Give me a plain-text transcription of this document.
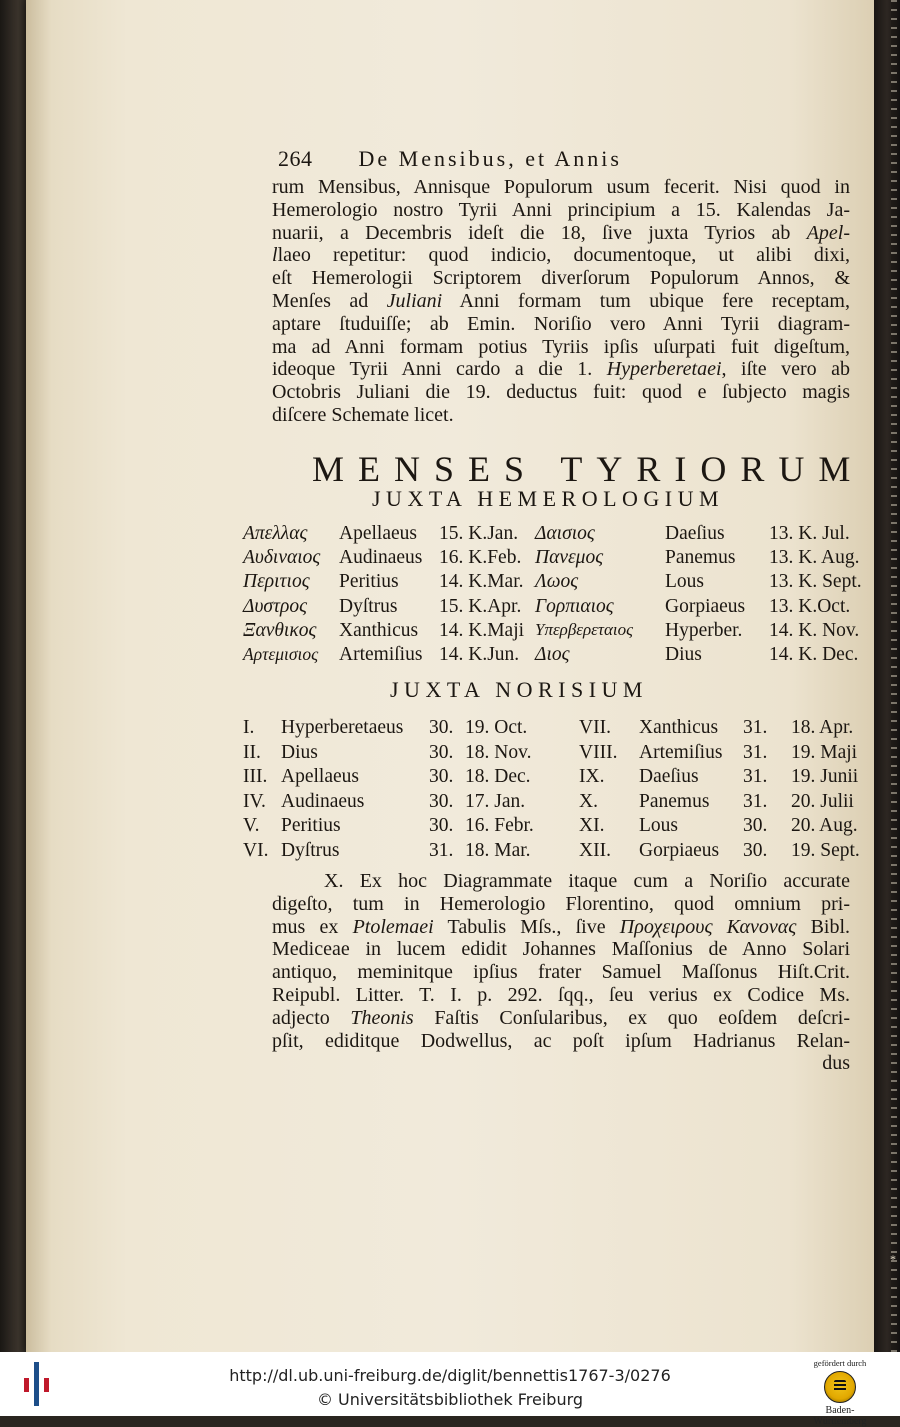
264 De Mensibus, et Annis
rum Mensibus, Annisque Populorum usum fecerit. Nisi quod in
Hemerologio nostro Tyrii Anni principium a 15. Kalendas Ja-
nuarii, a Decembris ideſt die 18, ſive juxta Tyrios ab Apel-
llaeo repetitur: quod indicio, documentoque, ut alibi dixi,
eſt Hemerologii Scriptorem diverſorum Populorum Annos, &
Menſes ad Juliani Anni formam tum ubique fere receptam,
aptare ſtuduiſſe; ab Emin. Noriſio vero Anni Tyrii diagram-
ma ad Anni formam potius Tyriis ipſis uſurpati fuit digeſtum,
ideoque Tyrii Anni cardo a die 1. Hyperberetaei, iſte vero ab
Octobris Juliani die 19. deductus fuit: quod e ſubjecto magis
diſcere Schemate licet.
MENSES TYRIORUM
JUXTA HEMEROLOGIUM
Απελλας Apellaeus 15. K.Jan. Δαισιος	Daeſius 13. K. Jul.
Αυδιναιος Audinaeus 16. K.Feb. Πανεμος	Panemus 13. K. Aug.
Περιτιος Peritius 14. K.Mar. Λωος	Lous	13. K. Sept.
Δυστρος Dyſtrus 15. K.Apr. Γορπιαιος	Gorpiaeus 13. K.Oct.
Ξανθικος Xanthicus 14. K.Maji Υπερβερεταιος Hyperber. 14. K. Nov.
Αρτεμισιος Artemiſius 14. K.Jun. Διος	Dius	14. K. Dec.
JUXTA NORISIUM
I. Hyperberetaeus 30. 19. Oct.	VII. Xanthicus 31. 18. Apr.
II. Dius	30. 18. Nov. VIII. Artemiſius 31. 19. Maji
III. Apellaeus	30. 18. Dec. IX. Daeſius 31. 19. Junii
IV. Audinaeus	30. 17. Jan.	X. Panemus 31. 20. Julii
V. Peritius	30. 16. Febr. XI. Lous	30. 20. Aug.
VI. Dyſtrus	31. 18. Mar. XII. Gorpiaeus 30. 19. Sept.
X. Ex hoc Diagrammate itaque cum a Noriſio accurate
digeſto, tum in Hemerologio Florentino, quod omnium pri-
mus ex Ptolemaei Tabulis Mſs., ſive Προχειρους Κανονας Bibl.
Mediceae in lucem edidit Johannes Maſſonius de Anno Solari
antiquo, meminitque ipſius frater Samuel Maſſonus Hiſt.Crit.
Reipubl. Litter. T. I. p. 292. ſqq., ſeu verius ex Codice Ms.
adjecto Theonis Faſtis Conſularibus, ex quo eoſdem deſcri-
pſit, ediditque Dodwellus, ac poſt ipſum Hadrianus Relan-
dus
*
http://dl.ub.uni-freiburg.de/diglit/bennettis1767-3/0276
© Universitätsbibliothek Freiburg
gefördert durch
Baden-Württemberg
